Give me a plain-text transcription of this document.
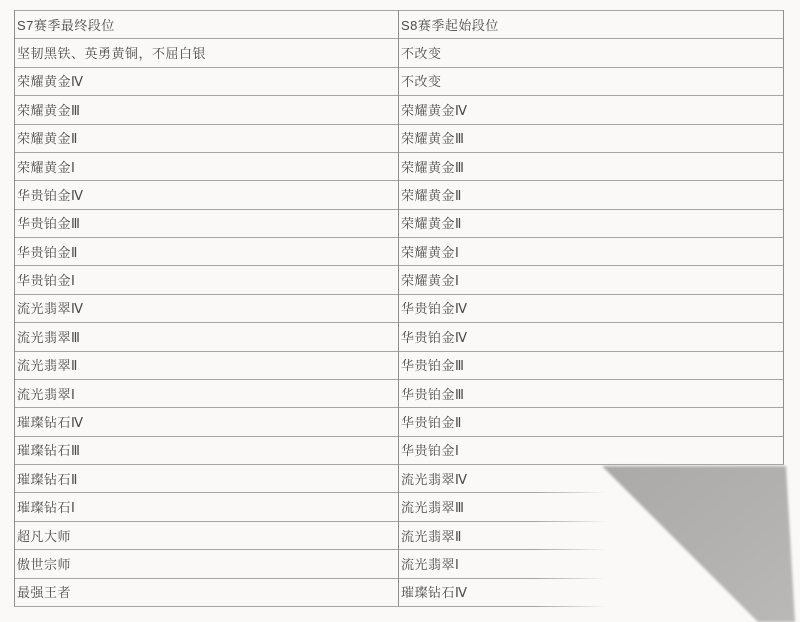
S7赛季最终段位	S8赛季起始段位
坚韧黑铁、英勇黄铜，不屈白银	不改变
荣耀黄金Ⅳ	不改变
荣耀黄金Ⅲ	荣耀黄金Ⅳ
荣耀黄金Ⅱ	荣耀黄金Ⅲ
荣耀黄金Ⅰ	荣耀黄金Ⅲ
华贵铂金Ⅳ	荣耀黄金Ⅱ
华贵铂金Ⅲ	荣耀黄金Ⅱ
华贵铂金Ⅱ	荣耀黄金Ⅰ
华贵铂金Ⅰ	荣耀黄金Ⅰ
流光翡翠Ⅳ	华贵铂金Ⅳ
流光翡翠Ⅲ	华贵铂金Ⅳ
流光翡翠Ⅱ	华贵铂金Ⅲ
流光翡翠Ⅰ	华贵铂金Ⅲ
璀璨钻石Ⅳ	华贵铂金Ⅱ
璀璨钻石Ⅲ	华贵铂金Ⅰ
璀璨钻石Ⅱ	流光翡翠Ⅳ
璀璨钻石Ⅰ	流光翡翠Ⅲ
超凡大师	流光翡翠Ⅱ
傲世宗师	流光翡翠Ⅰ
最强王者	璀璨钻石Ⅳ
